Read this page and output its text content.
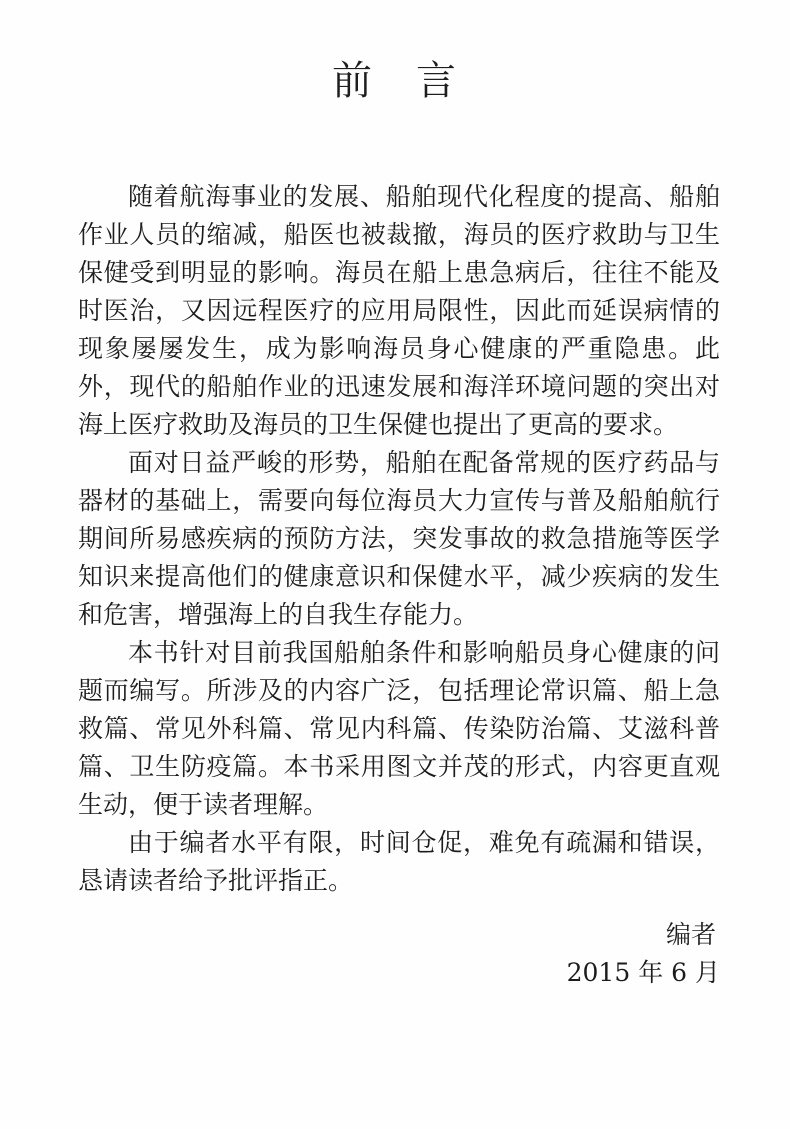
前　言

随着航海事业的发展、船舶现代化程度的提高、船舶作业人员的缩减，船医也被裁撤，海员的医疗救助与卫生保健受到明显的影响。海员在船上患急病后，往往不能及时医治，又因远程医疗的应用局限性，因此而延误病情的现象屡屡发生，成为影响海员身心健康的严重隐患。此外，现代的船舶作业的迅速发展和海洋环境问题的突出对海上医疗救助及海员的卫生保健也提出了更高的要求。

面对日益严峻的形势，船舶在配备常规的医疗药品与器材的基础上，需要向每位海员大力宣传与普及船舶航行期间所易感疾病的预防方法，突发事故的救急措施等医学知识来提高他们的健康意识和保健水平，减少疾病的发生和危害，增强海上的自我生存能力。

本书针对目前我国船舶条件和影响船员身心健康的问题而编写。所涉及的内容广泛，包括理论常识篇、船上急救篇、常见外科篇、常见内科篇、传染防治篇、艾滋科普篇、卫生防疫篇。本书采用图文并茂的形式，内容更直观生动，便于读者理解。

由于编者水平有限，时间仓促，难免有疏漏和错误，恳请读者给予批评指正。

编者
2015 年 6 月
